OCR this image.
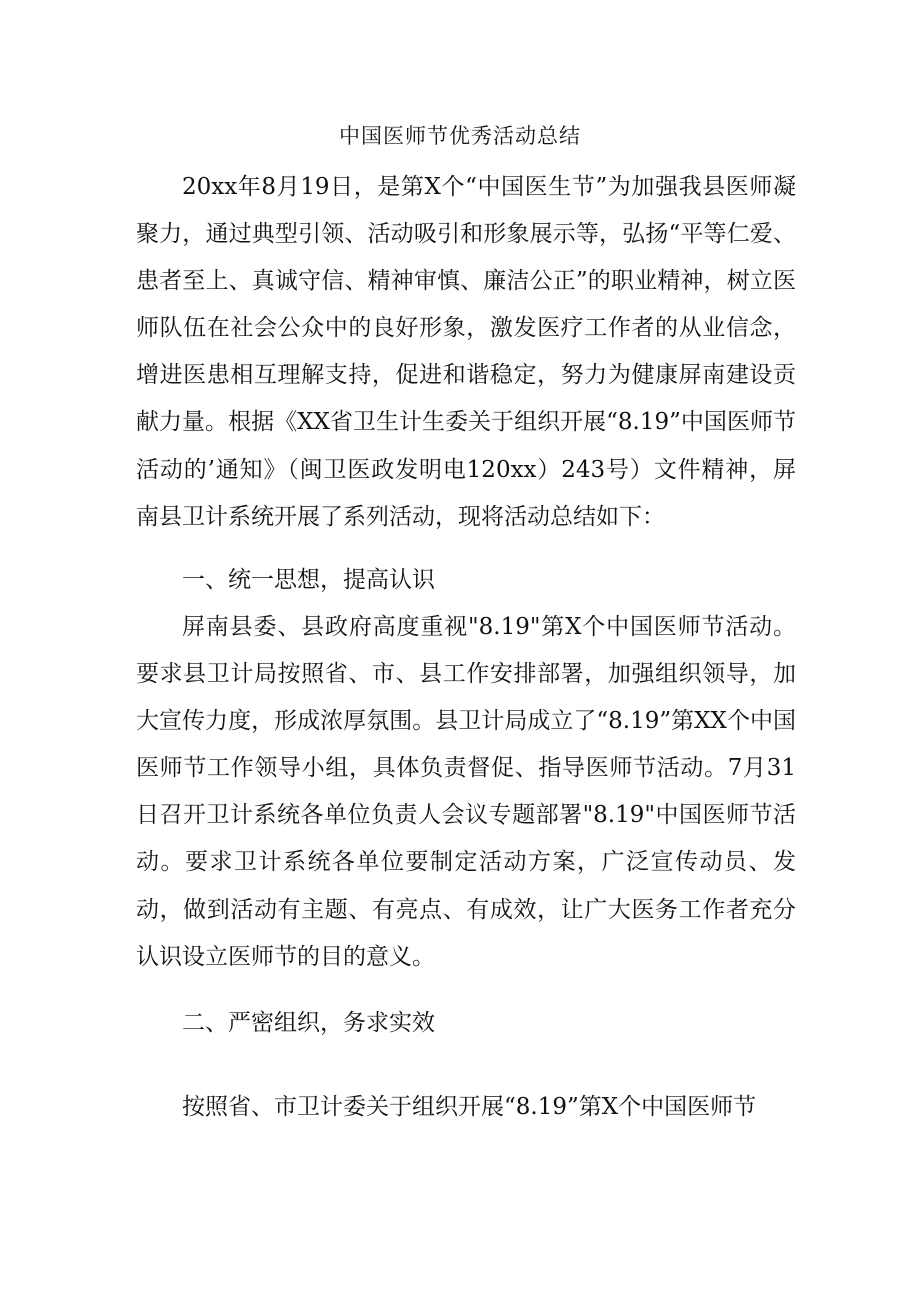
中国医师节优秀活动总结
20xx年8月19日，是第X个“中国医生节”为加强我县医师凝聚力，通过典型引领、活动吸引和形象展示等，弘扬“平等仁爱、患者至上、真诚守信、精神审慎、廉洁公正”的职业精神，树立医师队伍在社会公众中的良好形象，激发医疗工作者的从业信念，增进医患相互理解支持，促进和谐稳定，努力为健康屏南建设贡献力量。根据《XX省卫生计生委关于组织开展“8.19”中国医师节活动的’通知》（闽卫医政发明电120xx）243号）文件精神，屏南县卫计系统开展了系列活动，现将活动总结如下：
一、统一思想，提高认识
屏南县委、县政府高度重视"8.19"第X个中国医师节活动。要求县卫计局按照省、市、县工作安排部署，加强组织领导，加大宣传力度，形成浓厚氛围。县卫计局成立了“8.19”第XX个中国医师节工作领导小组，具体负责督促、指导医师节活动。7月31日召开卫计系统各单位负责人会议专题部署"8.19"中国医师节活动。要求卫计系统各单位要制定活动方案，广泛宣传动员、发动，做到活动有主题、有亮点、有成效，让广大医务工作者充分认识设立医师节的目的意义。
二、严密组织，务求实效
按照省、市卫计委关于组织开展“8.19”第X个中国医师节
